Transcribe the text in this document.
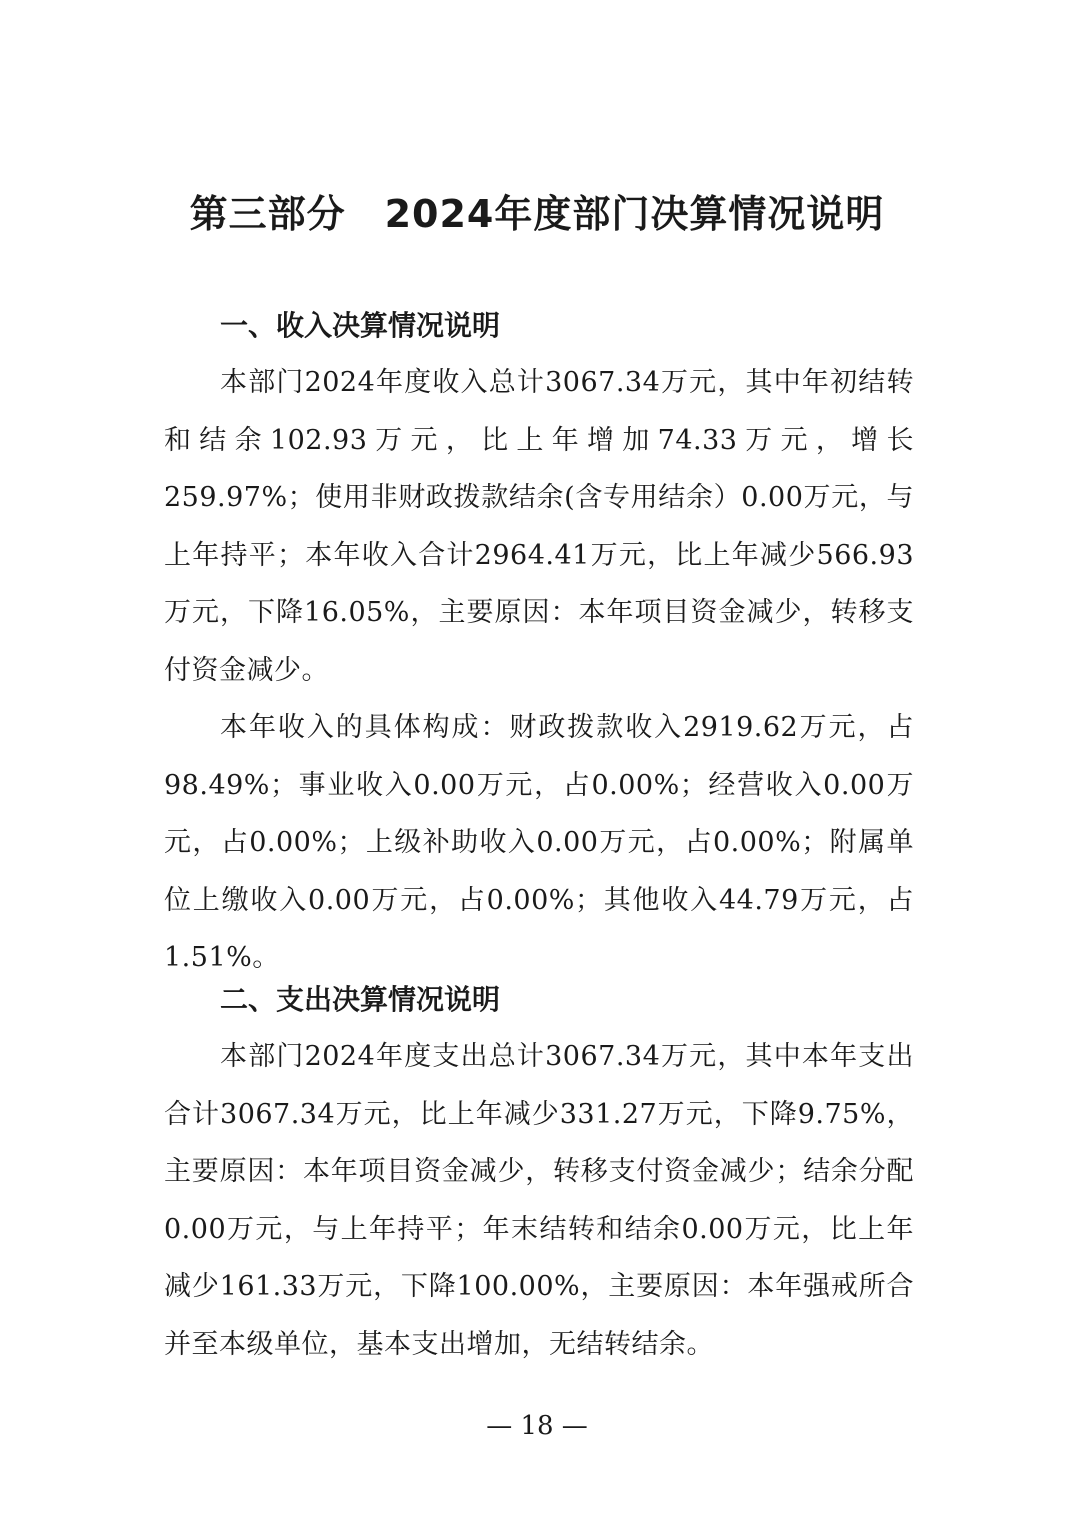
第三部分　2024年度部门决算情况说明
一、收入决算情况说明

本部门2024年度收入总计3067.34万元，其中年初结转和结余102.93万元，比上年增加74.33万元，增长259.97%；使用非财政拨款结余(含专用结余）0.00万元，与上年持平；本年收入合计2964.41万元，比上年减少566.93万元，下降16.05%，主要原因：本年项目资金减少，转移支付资金减少。

本年收入的具体构成：财政拨款收入2919.62万元，占98.49%；事业收入0.00万元，占0.00%；经营收入0.00万元，占0.00%；上级补助收入0.00万元，占0.00%；附属单位上缴收入0.00万元，占0.00%；其他收入44.79万元，占1.51%。

二、支出决算情况说明

本部门2024年度支出总计3067.34万元，其中本年支出合计3067.34万元，比上年减少331.27万元，下降9.75%，主要原因：本年项目资金减少，转移支付资金减少；结余分配0.00万元，与上年持平；年末结转和结余0.00万元，比上年减少161.33万元，下降100.00%，主要原因：本年强戒所合并至本级单位，基本支出增加，无结转结余。

— 18 —
